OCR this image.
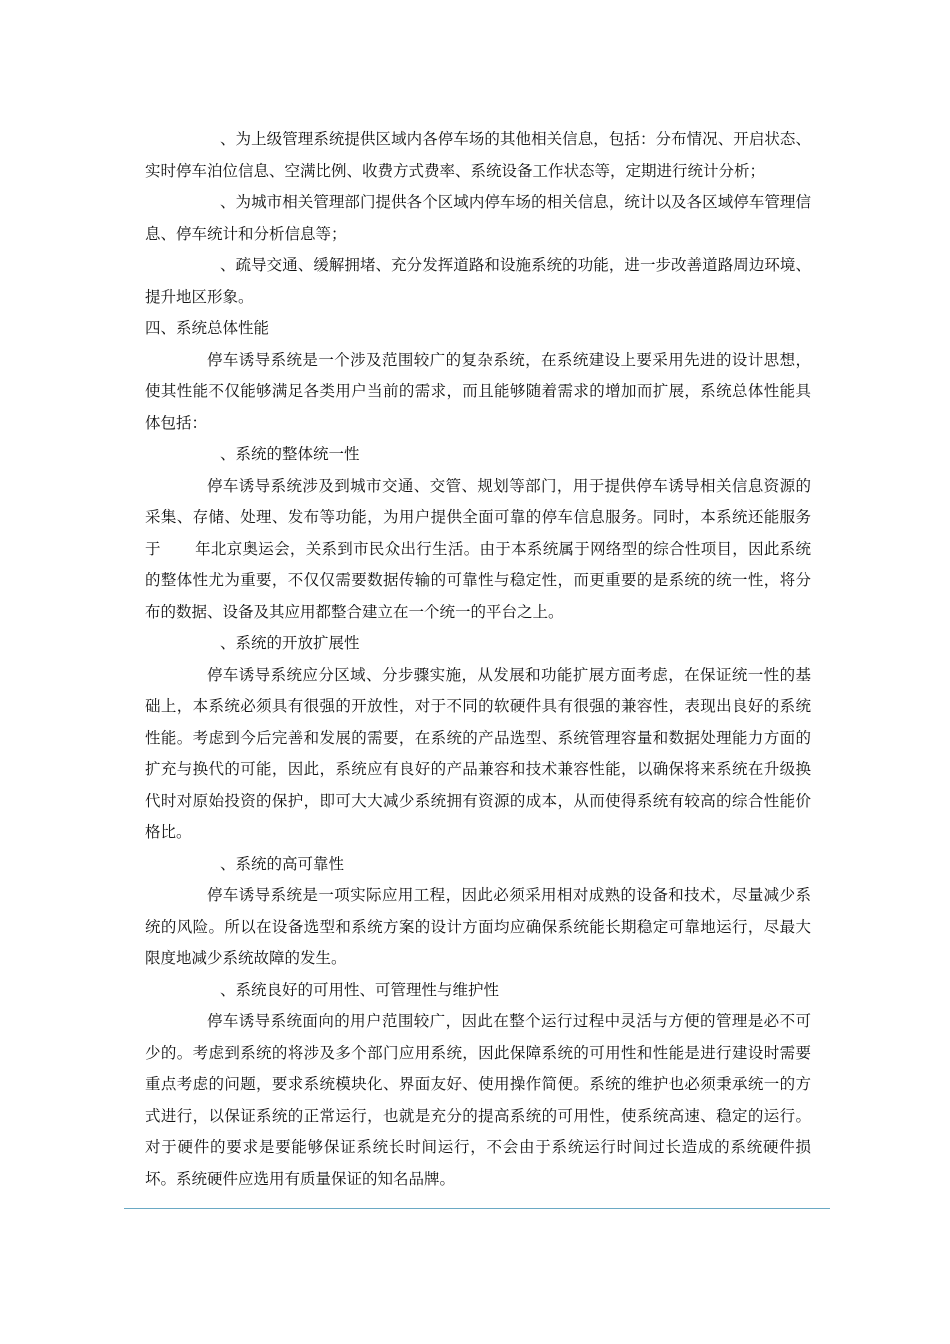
、为上级管理系统提供区域内各停车场的其他相关信息，包括：分布情况、开启状态、实时停车泊位信息、空满比例、收费方式费率、系统设备工作状态等，定期进行统计分析；

、为城市相关管理部门提供各个区域内停车场的相关信息，统计以及各区域停车管理信息、停车统计和分析信息等；

、疏导交通、缓解拥堵、充分发挥道路和设施系统的功能，进一步改善道路周边环境、提升地区形象。

四、系统总体性能

停车诱导系统是一个涉及范围较广的复杂系统，在系统建设上要采用先进的设计思想，使其性能不仅能够满足各类用户当前的需求，而且能够随着需求的增加而扩展，系统总体性能具体包括：

、系统的整体统一性

停车诱导系统涉及到城市交通、交管、规划等部门，用于提供停车诱导相关信息资源的采集、存储、处理、发布等功能，为用户提供全面可靠的停车信息服务。同时，本系统还能服务于 年北京奥运会，关系到市民众出行生活。由于本系统属于网络型的综合性项目，因此系统的整体性尤为重要，不仅仅需要数据传输的可靠性与稳定性，而更重要的是系统的统一性，将分布的数据、设备及其应用都整合建立在一个统一的平台之上。

、系统的开放扩展性

停车诱导系统应分区域、分步骤实施，从发展和功能扩展方面考虑，在保证统一性的基础上，本系统必须具有很强的开放性，对于不同的软硬件具有很强的兼容性，表现出良好的系统性能。考虑到今后完善和发展的需要，在系统的产品选型、系统管理容量和数据处理能力方面的扩充与换代的可能，因此，系统应有良好的产品兼容和技术兼容性能，以确保将来系统在升级换代时对原始投资的保护，即可大大减少系统拥有资源的成本，从而使得系统有较高的综合性能价格比。

、系统的高可靠性

停车诱导系统是一项实际应用工程，因此必须采用相对成熟的设备和技术，尽量减少系统的风险。所以在设备选型和系统方案的设计方面均应确保系统能长期稳定可靠地运行，尽最大限度地减少系统故障的发生。

、系统良好的可用性、可管理性与维护性

停车诱导系统面向的用户范围较广，因此在整个运行过程中灵活与方便的管理是必不可少的。考虑到系统的将涉及多个部门应用系统，因此保障系统的可用性和性能是进行建设时需要重点考虑的问题，要求系统模块化、界面友好、使用操作简便。系统的维护也必须秉承统一的方式进行，以保证系统的正常运行，也就是充分的提高系统的可用性，使系统高速、稳定的运行。对于硬件的要求是要能够保证系统长时间运行，不会由于系统运行时间过长造成的系统硬件损坏。系统硬件应选用有质量保证的知名品牌。
